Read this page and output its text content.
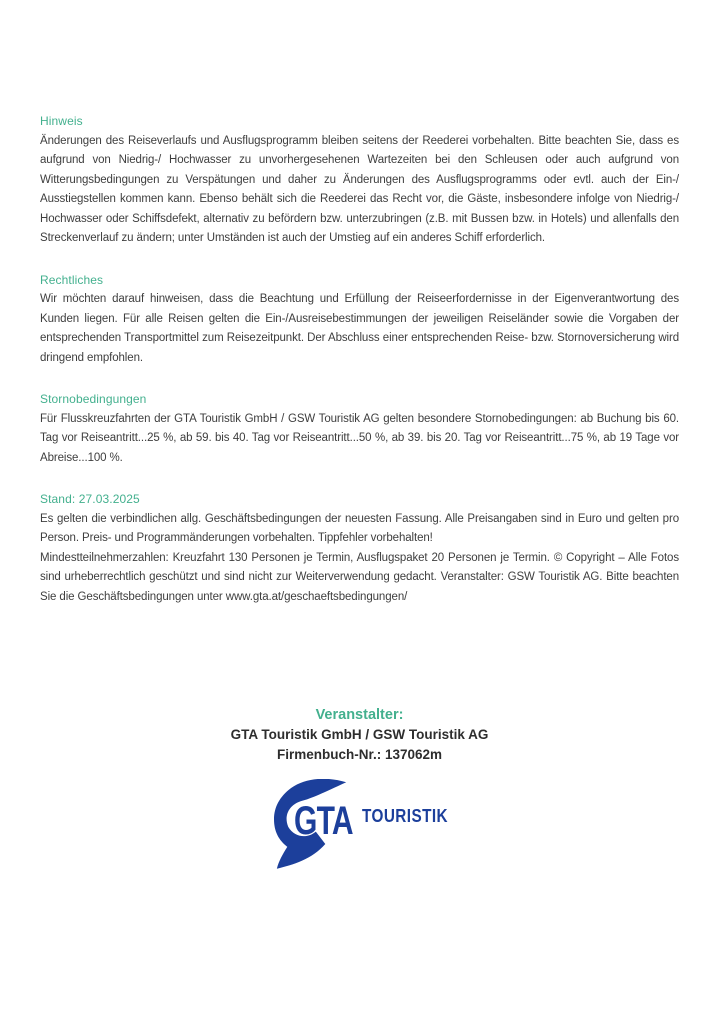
Hinweis

Änderungen des Reiseverlaufs und Ausflugsprogramm bleiben seitens der Reederei vorbehalten. Bitte beachten Sie, dass es aufgrund von Niedrig-/ Hochwasser zu unvorhergesehenen Wartezeiten bei den Schleusen oder auch aufgrund von Witterungsbedingungen zu Verspätungen und daher zu Änderungen des Ausflugsprogramms oder evtl. auch der Ein-/ Ausstiegstellen kommen kann. Ebenso behält sich die Reederei das Recht vor, die Gäste, insbesondere infolge von Niedrig-/ Hochwasser oder Schiffsdefekt, alternativ zu befördern bzw. unterzubringen (z.B. mit Bussen bzw. in Hotels) und allenfalls den Streckenverlauf zu ändern; unter Umständen ist auch der Umstieg auf ein anderes Schiff erforderlich.

Rechtliches

Wir möchten darauf hinweisen, dass die Beachtung und Erfüllung der Reiseerfordernisse in der Eigenverantwortung des Kunden liegen. Für alle Reisen gelten die Ein-/Ausreisebestimmungen der jeweiligen Reiseländer sowie die Vorgaben der entsprechenden Transportmittel zum Reisezeitpunkt. Der Abschluss einer entsprechenden Reise- bzw. Stornoversicherung wird dringend empfohlen.

Stornobedingungen

Für Flusskreuzfahrten der GTA Touristik GmbH / GSW Touristik AG gelten besondere Stornobedingungen: ab Buchung bis 60. Tag vor Reiseantritt...25 %, ab 59. bis 40. Tag vor Reiseantritt...50 %, ab 39. bis 20. Tag vor Reiseantritt...75 %, ab 19 Tage vor Abreise...100 %.

Stand: 27.03.2025

Es gelten die verbindlichen allg. Geschäftsbedingungen der neuesten Fassung. Alle Preisangaben sind in Euro und gelten pro Person. Preis- und Programmänderungen vorbehalten. Tippfehler vorbehalten!

Mindestteilnehmerzahlen: Kreuzfahrt 130 Personen je Termin, Ausflugspaket 20 Personen je Termin. © Copyright – Alle Fotos sind urheberrechtlich geschützt und sind nicht zur Weiterverwendung gedacht. Veranstalter: GSW Touristik AG. Bitte beachten Sie die Geschäftsbedingungen unter www.gta.at/geschaeftsbedingungen/

Veranstalter:
GTA Touristik GmbH / GSW Touristik AG
Firmenbuch-Nr.: 137062m
GTA TOURISTIK
